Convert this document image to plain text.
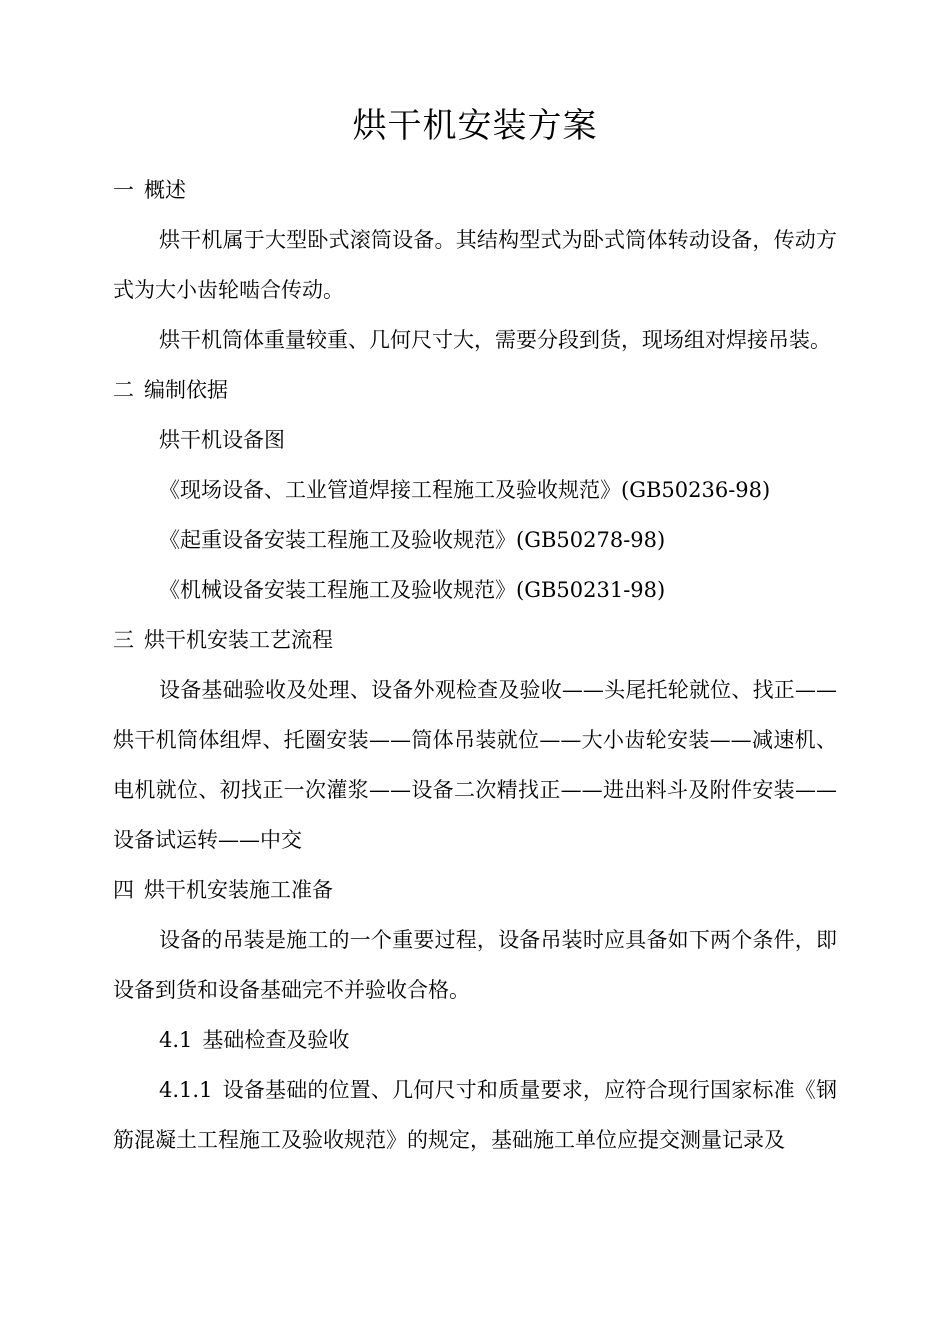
烘干机安装方案

一 概述

烘干机属于大型卧式滚筒设备。其结构型式为卧式筒体转动设备，传动方式为大小齿轮啮合传动。

烘干机筒体重量较重、几何尺寸大，需要分段到货，现场组对焊接吊装。

二 编制依据

烘干机设备图

《现场设备、工业管道焊接工程施工及验收规范》(GB50236-98)

《起重设备安装工程施工及验收规范》(GB50278-98)

《机械设备安装工程施工及验收规范》(GB50231-98)

三 烘干机安装工艺流程

设备基础验收及处理、设备外观检查及验收——头尾托轮就位、找正——烘干机筒体组焊、托圈安装——筒体吊装就位——大小齿轮安装——减速机、电机就位、初找正一次灌浆——设备二次精找正——进出料斗及附件安装——设备试运转——中交

四 烘干机安装施工准备

设备的吊装是施工的一个重要过程，设备吊装时应具备如下两个条件，即设备到货和设备基础完不并验收合格。

4.1 基础检查及验收

4.1.1 设备基础的位置、几何尺寸和质量要求，应符合现行国家标准《钢筋混凝土工程施工及验收规范》的规定，基础施工单位应提交测量记录及
